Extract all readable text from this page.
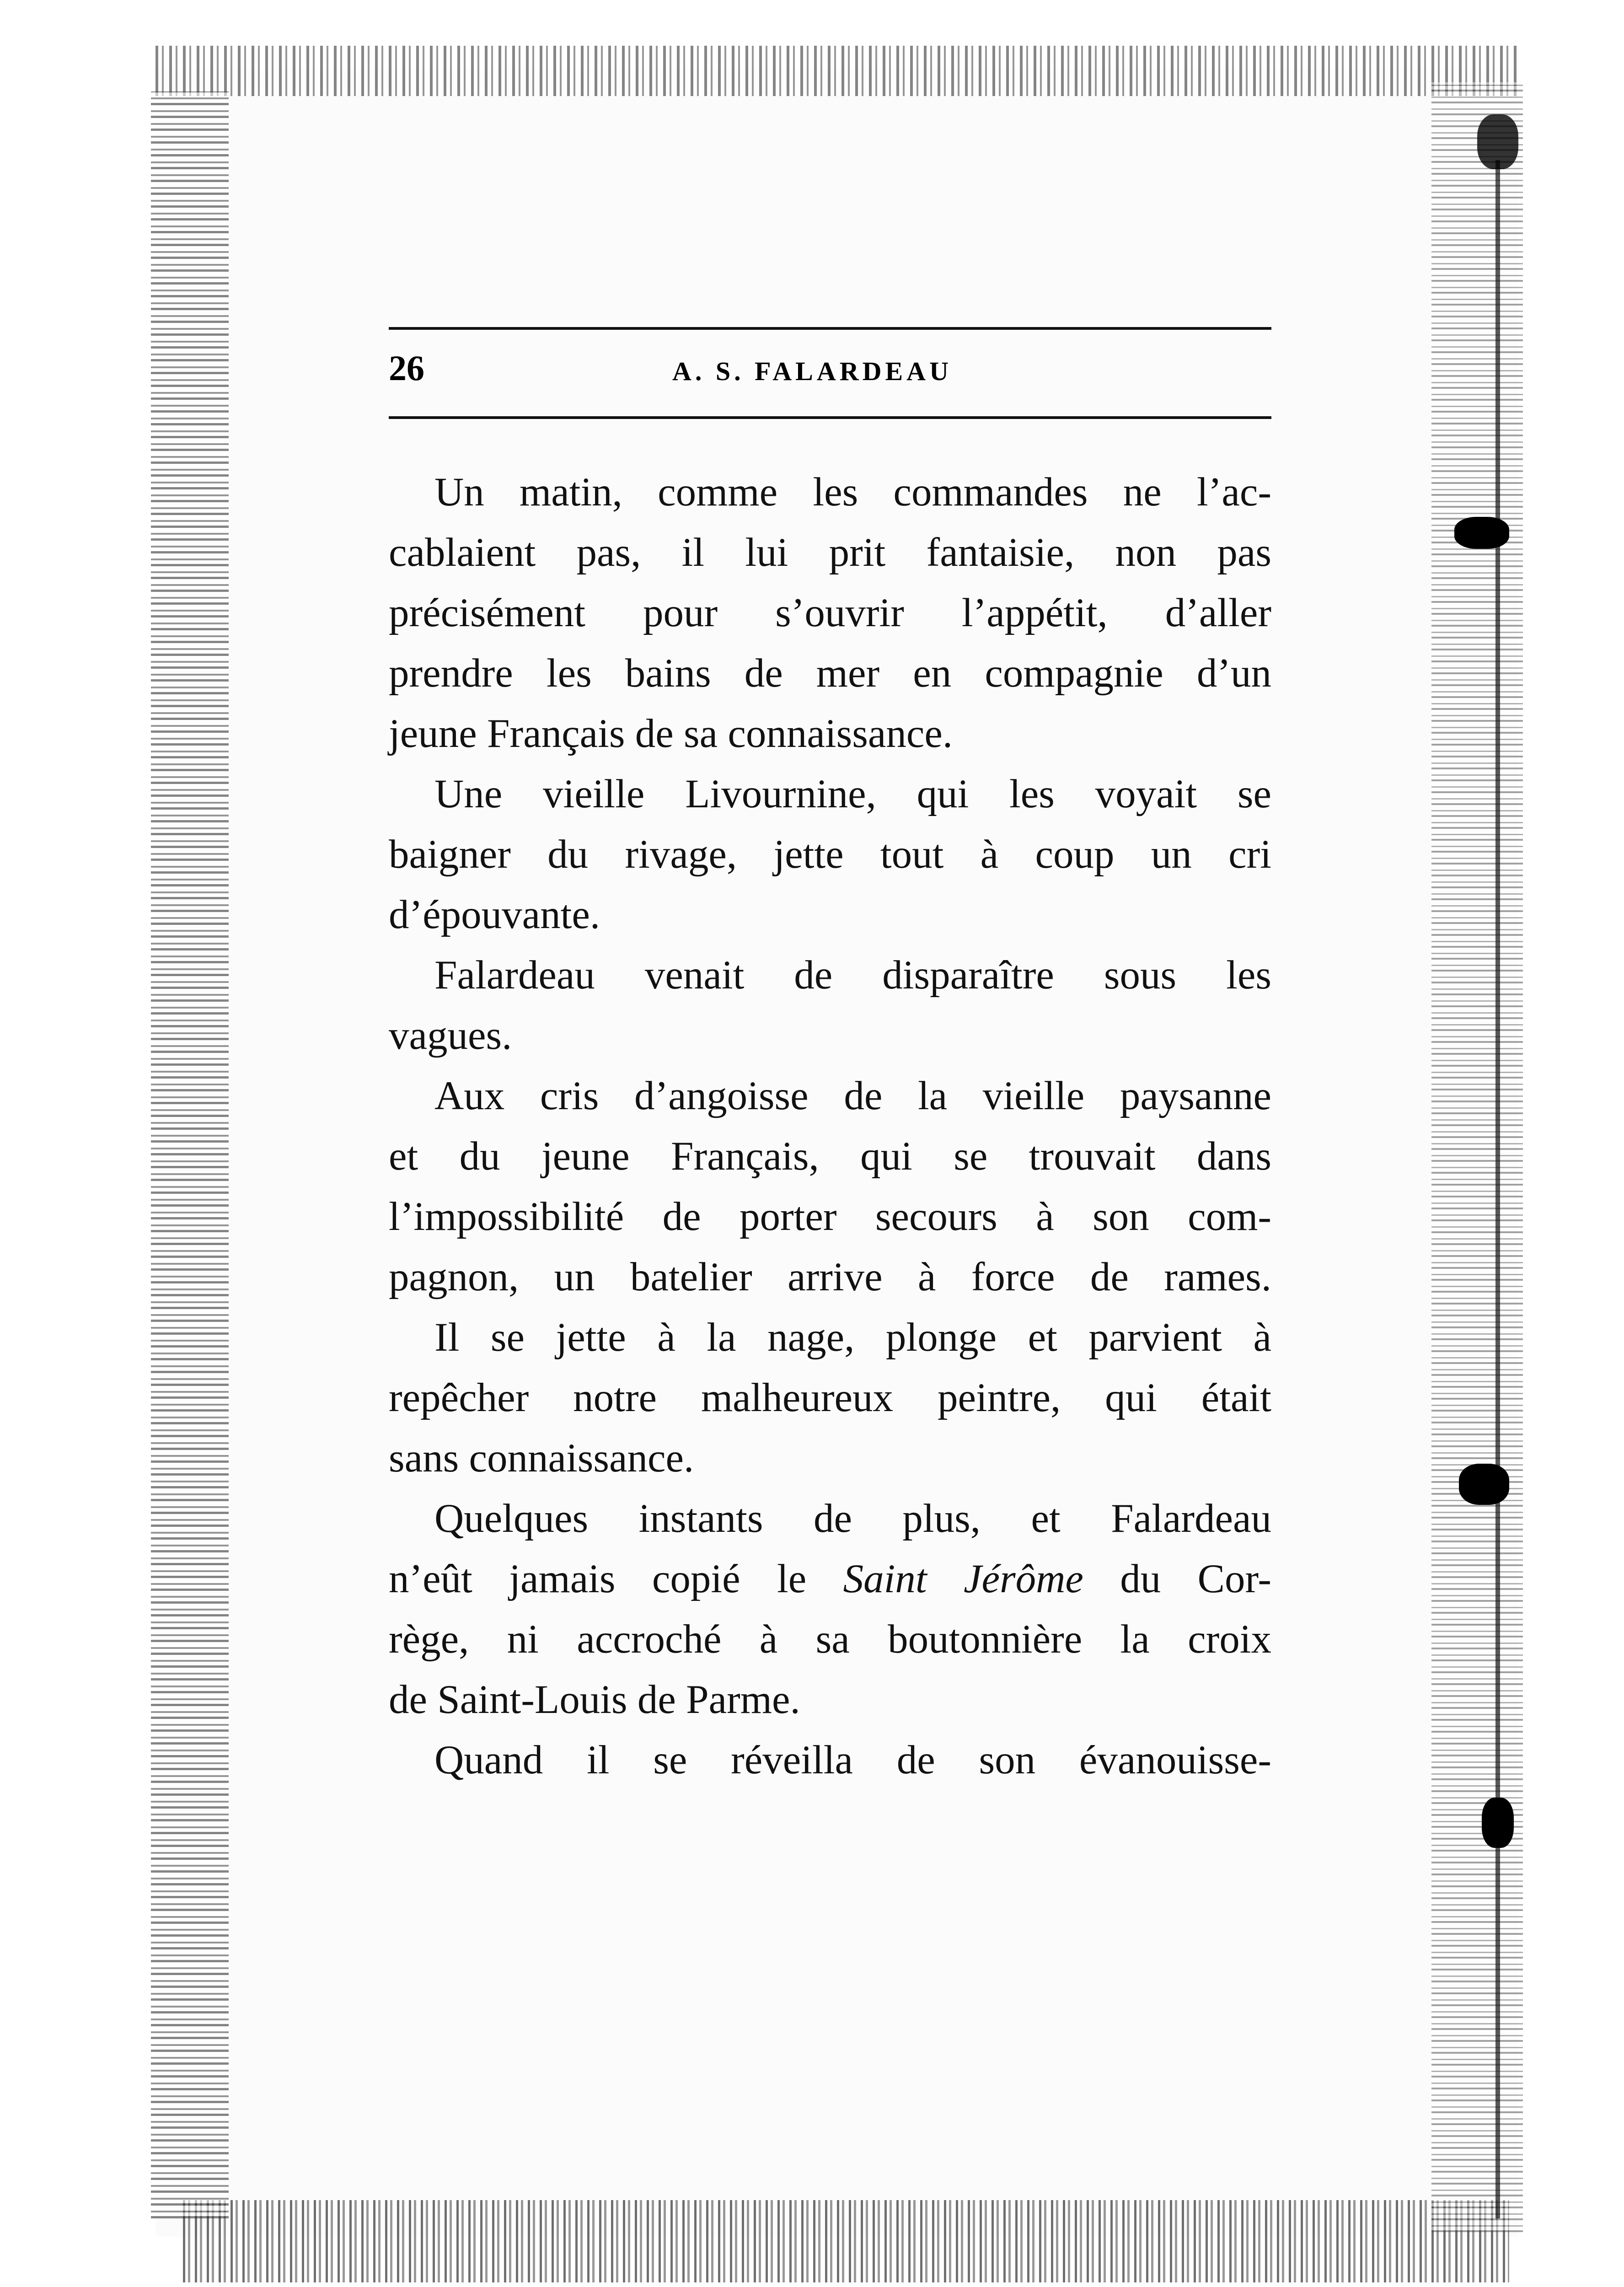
26	A. S. FALARDEAU

Un matin, comme les commandes ne l’ac-
cablaient pas, il lui prit fantaisie, non pas
précisément pour s’ouvrir l’appétit, d’aller
prendre les bains de mer en compagnie d’un
jeune Français de sa connaissance.

Une vieille Livournine, qui les voyait se
baigner du rivage, jette tout à coup un cri
d’épouvante.

Falardeau venait de disparaître sous les
vagues.

Aux cris d’angoisse de la vieille paysanne
et du jeune Français, qui se trouvait dans
l’impossibilité de porter secours à son com-
pagnon, un batelier arrive à force de rames.

Il se jette à la nage, plonge et parvient à
repêcher notre malheureux peintre, qui était
sans connaissance.

Quelques instants de plus, et Falardeau
n’eût jamais copié le Saint Jérôme du Cor-
rège, ni accroché à sa boutonnière la croix
de Saint-Louis de Parme.

Quand il se réveilla de son évanouisse-
